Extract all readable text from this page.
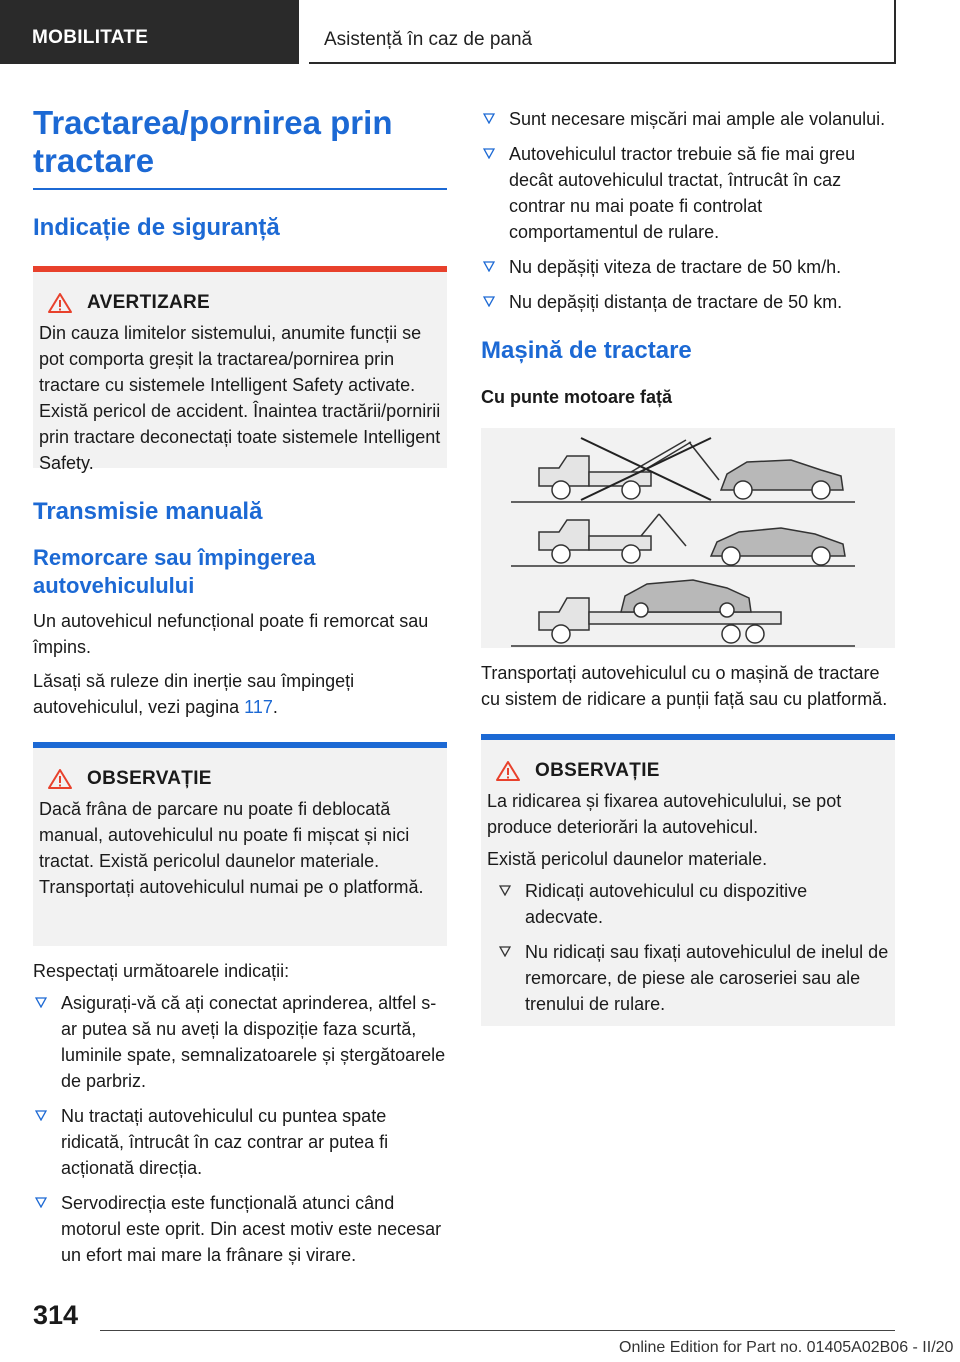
MOBILITATE	Asistență în caz de pană
Tractarea/pornirea prin tractare
Indicație de siguranță
AVERTIZARE

Din cauza limitelor sistemului, anumite funcții se pot comporta greșit la tractarea/pornirea prin tractare cu sistemele Intelligent Safety activate. Există pericol de accident. Înaintea tractării/pornirii prin tractare deconectați toate sistemele Intelligent Safety.

Transmisie manuală
Remorcare sau împingerea autovehiculului

Un autovehicul nefuncțional poate fi remorcat sau împins.

Lăsați să ruleze din inerție sau împingeți autovehiculul, vezi pagina 117.

OBSERVAȚIE

Dacă frâna de parcare nu poate fi deblocată manual, autovehiculul nu poate fi mișcat și nici tractat. Există pericolul daunelor materiale. Transportați autovehiculul numai pe o platformă.

Respectați următoarele indicații:

Asigurați-vă că ați conectat aprinderea, altfel s-ar putea să nu aveți la dispoziție faza scurtă, luminile spate, semnalizatoarele și ștergătoarele de parbriz.
Nu tractați autovehiculul cu puntea spate ridicată, întrucât în caz contrar ar putea fi acționată direcția.
Servodirecția este funcțională atunci când motorul este oprit. Din acest motiv este necesar un efort mai mare la frânare și virare.
Sunt necesare mișcări mai ample ale volanului.
Autovehiculul tractor trebuie să fie mai greu decât autovehiculul tractat, întrucât în caz contrar nu mai poate fi controlat comportamentul de rulare.
Nu depășiți viteza de tractare de 50 km/h.
Nu depășiți distanța de tractare de 50 km.
Mașină de tractare
Cu punte motoare față

Transportați autovehiculul cu o mașină de tractare cu sistem de ridicare a punții față sau cu platformă.

OBSERVAȚIE

La ridicarea și fixarea autovehiculului, se pot produce deteriorări la autovehicul.

Există pericolul daunelor materiale.

Ridicați autovehiculul cu dispozitive adecvate.
Nu ridicați sau fixați autovehiculul de inelul de remorcare, de piese ale caroseriei sau ale trenului de rulare.
314
Online Edition for Part no. 01405A02B06 - II/20
